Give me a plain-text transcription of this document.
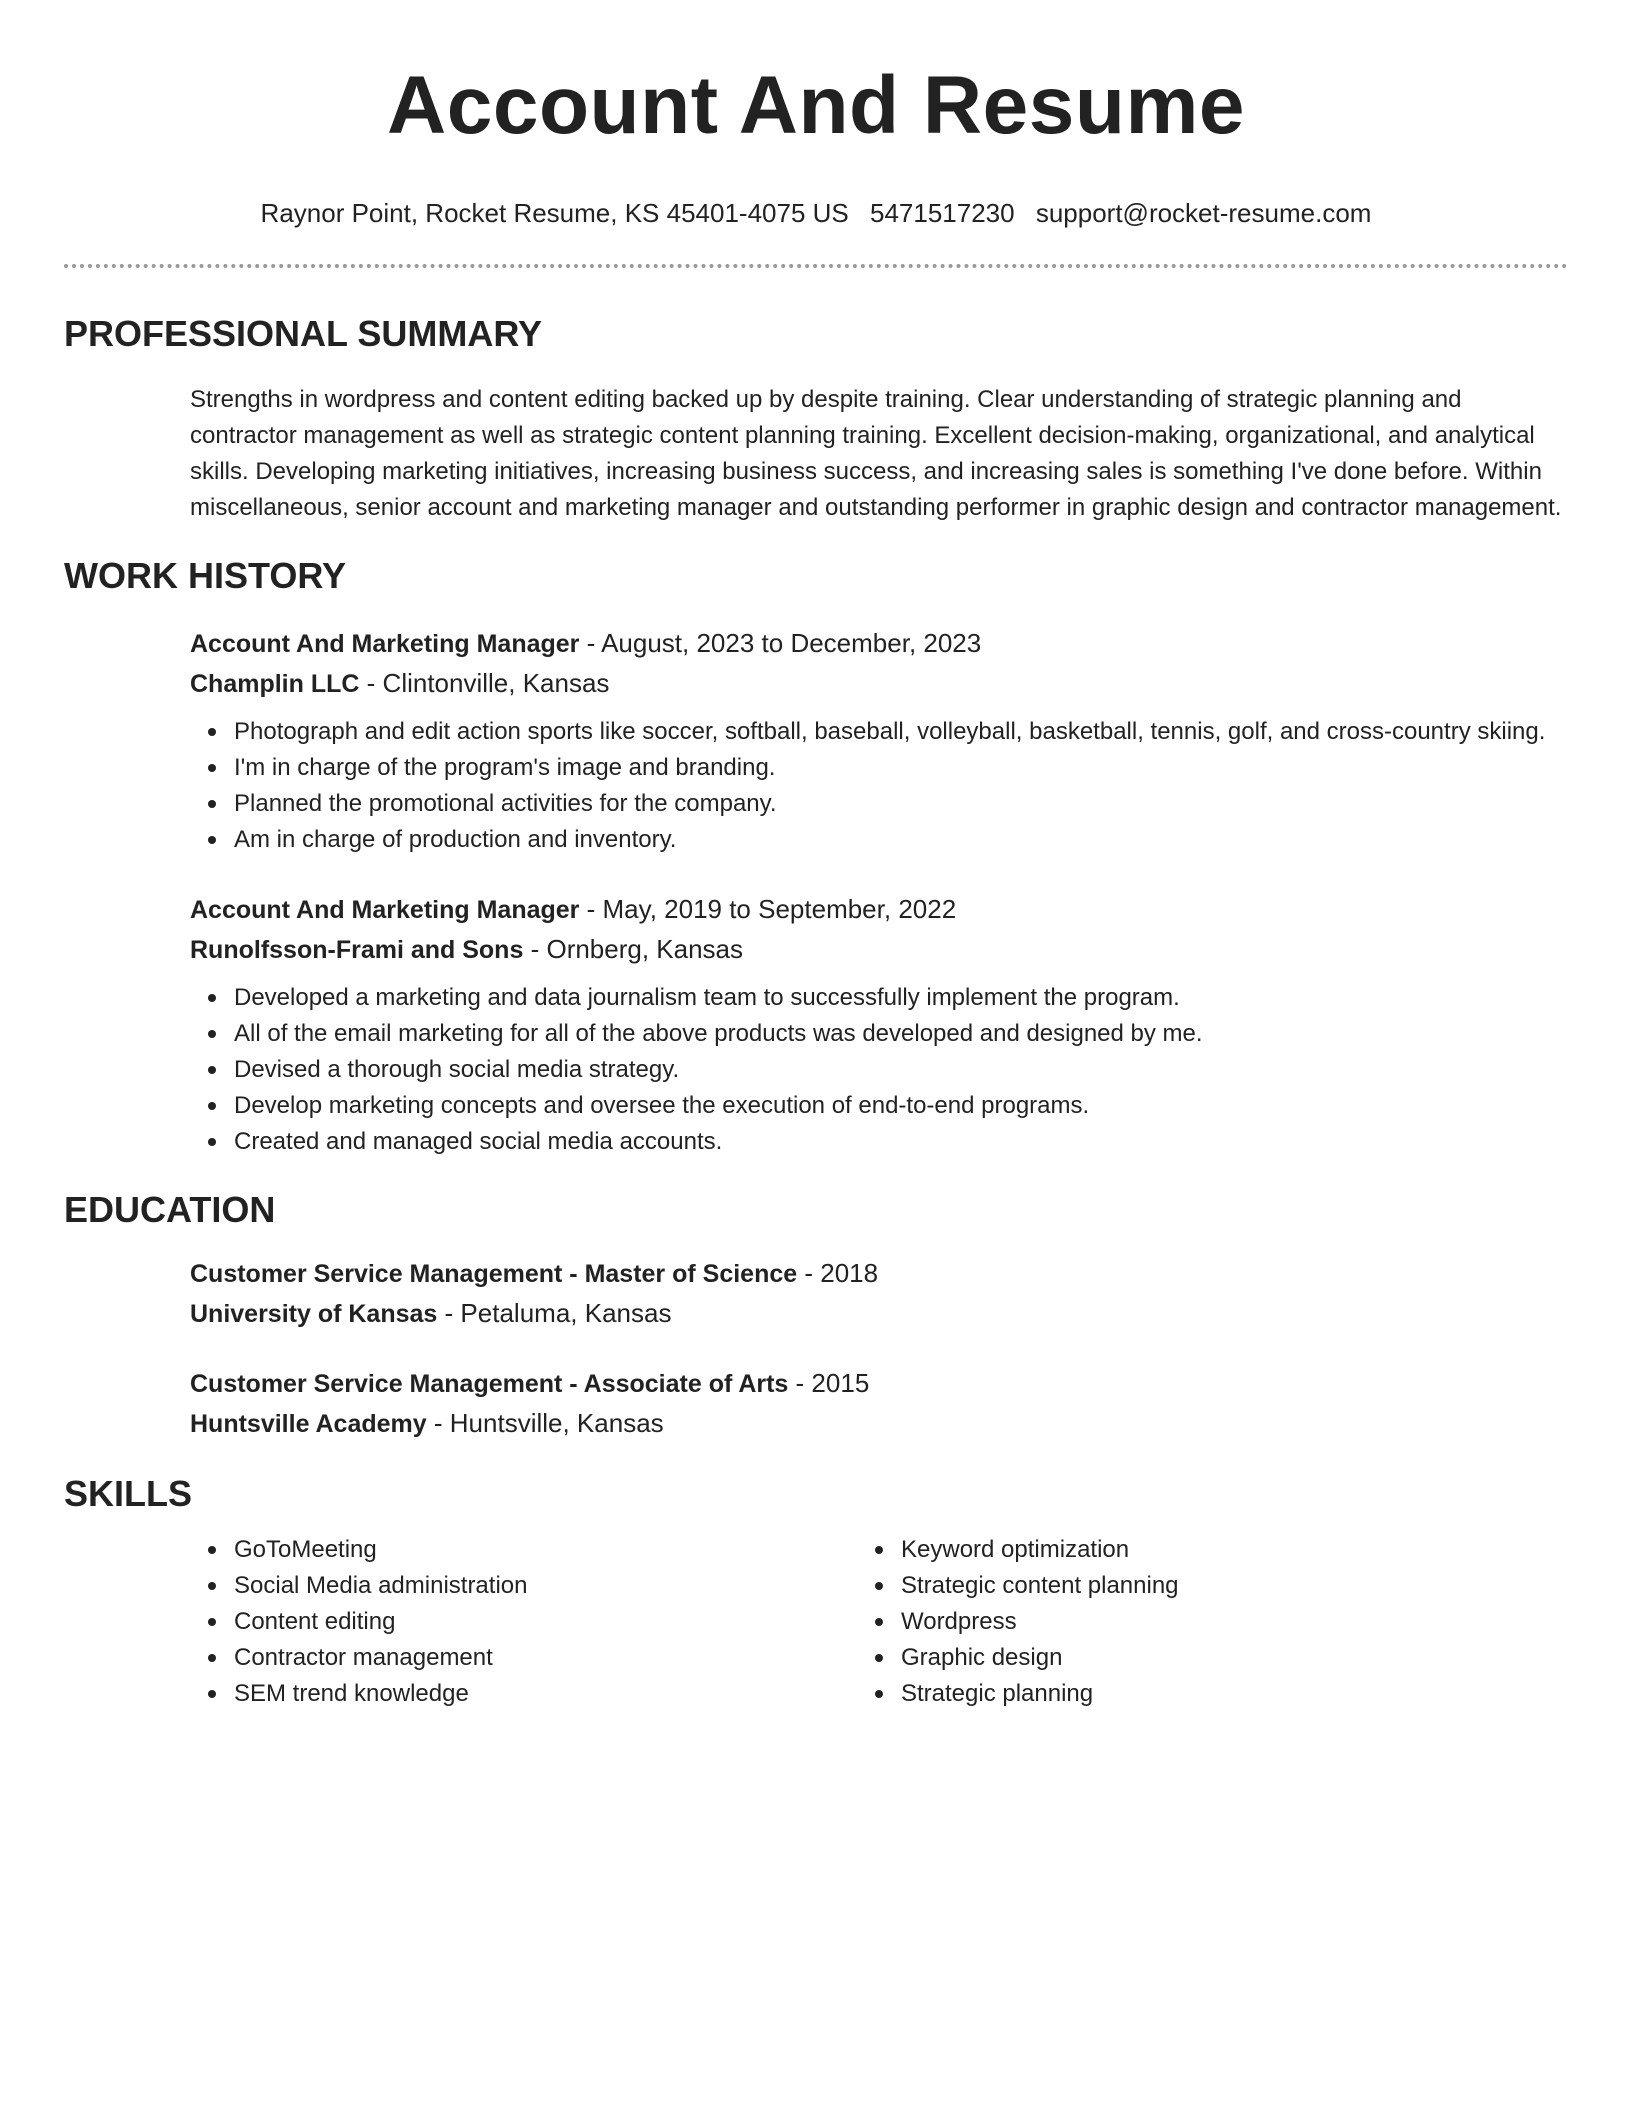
Account And Resume
Raynor Point, Rocket Resume, KS 45401-4075 US 5471517230 support@rocket-resume.com
PROFESSIONAL SUMMARY

Strengths in wordpress and content editing backed up by despite training. Clear understanding of strategic planning and contractor management as well as strategic content planning training. Excellent decision-making, organizational, and analytical skills. Developing marketing initiatives, increasing business success, and increasing sales is something I've done before. Within miscellaneous, senior account and marketing manager and outstanding performer in graphic design and contractor management.

WORK HISTORY
Account And Marketing Manager - August, 2023 to December, 2023
Champlin LLC - Clintonville, Kansas
Photograph and edit action sports like soccer, softball, baseball, volleyball, basketball, tennis, golf, and cross-country skiing.
I'm in charge of the program's image and branding.
Planned the promotional activities for the company.
Am in charge of production and inventory.
Account And Marketing Manager - May, 2019 to September, 2022
Runolfsson-Frami and Sons - Ornberg, Kansas
Developed a marketing and data journalism team to successfully implement the program.
All of the email marketing for all of the above products was developed and designed by me.
Devised a thorough social media strategy.
Develop marketing concepts and oversee the execution of end-to-end programs.
Created and managed social media accounts.
EDUCATION
Customer Service Management - Master of Science - 2018
University of Kansas - Petaluma, Kansas
Customer Service Management - Associate of Arts - 2015
Huntsville Academy - Huntsville, Kansas
SKILLS
GoToMeeting
Social Media administration
Content editing
Contractor management
SEM trend knowledge
Keyword optimization
Strategic content planning
Wordpress
Graphic design
Strategic planning
